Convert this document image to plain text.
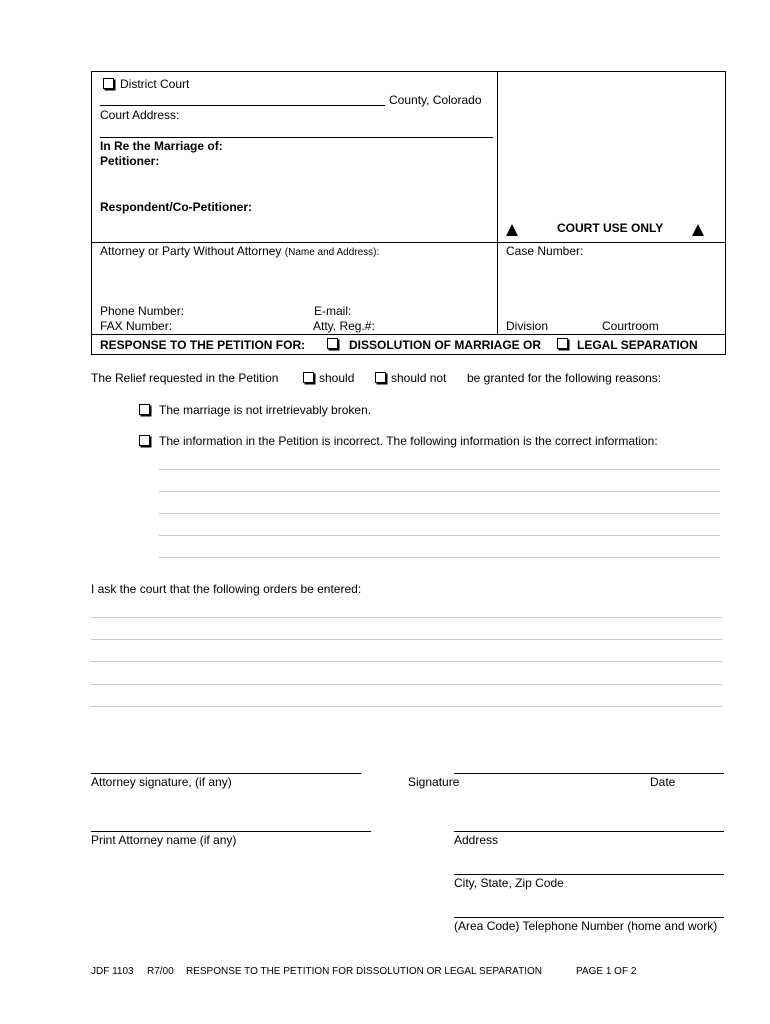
District Court
County, Colorado
Court Address:
In Re the Marriage of:
Petitioner:
Respondent/Co-Petitioner:
COURT USE ONLY
Attorney or Party Without Attorney (Name and Address):	Case Number:
Phone Number:	E-mail:
FAX Number:	Atty. Reg.#:	Division	Courtroom
RESPONSE TO THE PETITION FOR:	DISSOLUTION OF MARRIAGE OR	LEGAL SEPARATION
The Relief requested in the Petition	should	should not be granted for the following reasons:
The marriage is not irretrievably broken.
The information in the Petition is incorrect. The following information is the correct information:
I ask the court that the following orders be entered:
Attorney signature, (if any)	Signature	Date
Print Attorney name (if any)	Address
City, State, Zip Code
(Area Code) Telephone Number (home and work)
JDF 1103 R7/00 RESPONSE TO THE PETITION FOR DISSOLUTION OR LEGAL SEPARATION	PAGE 1 OF 2
